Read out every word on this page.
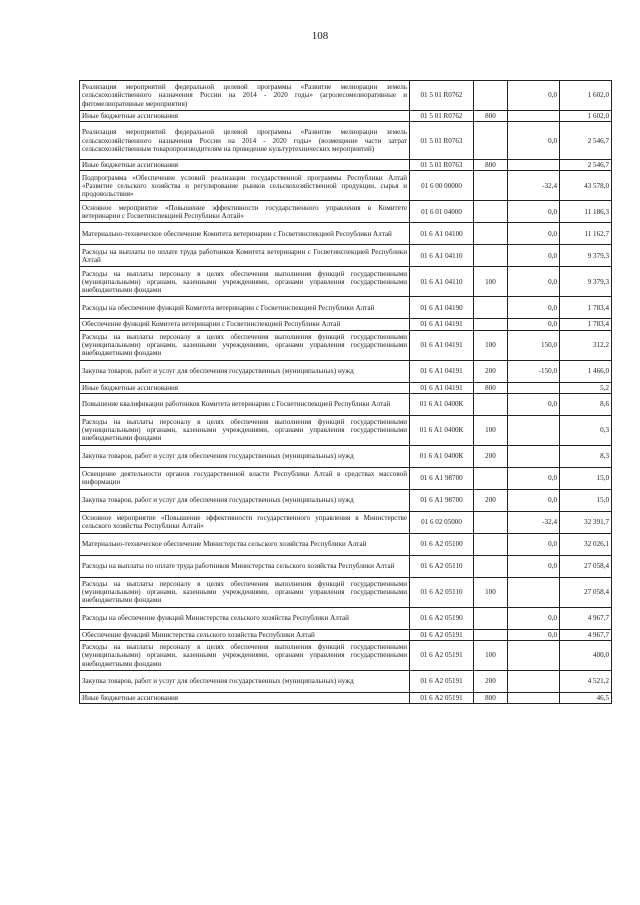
108
Реализация мероприятий федеральной целевой программы «Развитие мелиорации земель сельскохозяйственного назначения России на 2014 - 2020 годы» (агролесомелиоративные и фитомелиоративные мероприятия)	01 5 01 R0762		0,0	1 602,0
Иные бюджетные ассигнования	01 5 01 R0762	800		1 602,0
Реализация мероприятий федеральной целевой программы «Развитие мелиорации земель сельскохозяйственного назначения России на 2014 - 2020 годы» (возмещение части затрат сельскохозяйственным товаропроизводителям на проведение культуртехнических мероприятий)	01 5 01 R0763		0,0	2 546,7
Иные бюджетные ассигнования	01 5 01 R0763	800		2 546,7
Подпрограмма «Обеспечение условий реализации государственной программы Республики Алтай «Развитие сельского хозяйства и регулирование рынков сельскохозяйственной продукции, сырья и продовольствия»	01 6 00 00000		-32,4	43 578,0
Основное мероприятие «Повышение эффективности государственного управления в Комитете ветеринарии с Госветинспекцией Республики Алтай»	01 6 01 04000		0,0	11 186,3
Материально-техническое обеспечение Комитета ветеринарии с Госветинспекцией Республики Алтай	01 6 А1 04100		0,0	11 162,7
Расходы на выплаты по оплате труда работников Комитета ветеринарии с Госветинспекцией Республики Алтай	01 6 А1 04110		0,0	9 379,3
Расходы на выплаты персоналу в целях обеспечения выполнения функций государственными (муниципальными) органами, казенными учреждениями, органами управления государственными внебюджетными фондами	01 6 А1 04110	100	0,0	9 379,3
Расходы на обеспечение функций Комитета ветеринарии с Госветинспекцией Республики Алтай	01 6 А1 04190		0,0	1 783,4
Обеспечение функций Комитета ветеринарии с Госветинспекцией Республики Алтай	01 6 А1 04191		0,0	1 783,4
Расходы на выплаты персоналу в целях обеспечения выполнения функций государственными (муниципальными) органами, казенными учреждениями, органами управления государственными внебюджетными фондами	01 6 А1 04191	100	150,0	312,2
Закупка товаров, работ и услуг для обеспечения государственных (муниципальных) нужд	01 6 А1 04191	200	-150,0	1 466,0
Иные бюджетные ассигнования	01 6 А1 04191	800		5,2
Повышение квалификации работников Комитета ветеринарии с Госветинспекцией Республики Алтай	01 6 А1 0400К		0,0	8,6
Расходы на выплаты персоналу в целях обеспечения выполнения функций государственными (муниципальными) органами, казенными учреждениями, органами управления государственными внебюджетными фондами	01 6 А1 0400К	100		0,3
Закупка товаров, работ и услуг для обеспечения государственных (муниципальных) нужд	01 6 А1 0400К	200		8,3
Освещение деятельности органов государственной власти Республики Алтай в средствах массовой информации	01 6 А1 98700		0,0	15,0
Закупка товаров, работ и услуг для обеспечения государственных (муниципальных) нужд	01 6 А1 98700	200	0,0	15,0
Основное мероприятие «Повышение эффективности государственного управления в Министерстве сельского хозяйства Республики Алтай»	01 6 02 05000		-32,4	32 391,7
Материально-техническое обеспечение Министерства сельского хозяйства Республики Алтай	01 6 А2 05100		0,0	32 026,1
Расходы на выплаты по оплате труда работников Министерства сельского хозяйства Республики Алтай	01 6 А2 05110		0,0	27 058,4
Расходы на выплаты персоналу в целях обеспечения выполнения функций государственными (муниципальными) органами, казенными учреждениями, органами управления государственными внебюджетными фондами	01 6 А2 05110	100		27 058,4
Расходы на обеспечение функций Министерства сельского хозяйства Республики Алтай	01 6 А2 05190		0,0	4 967,7
Обеспечение функций Министерства сельского хозяйства Республики Алтай	01 6 А2 05191		0,0	4 967,7
Расходы на выплаты персоналу в целях обеспечения выполнения функций государственными (муниципальными) органами, казенными учреждениями, органами управления государственными внебюджетными фондами	01 6 А2 05191	100		400,0
Закупка товаров, работ и услуг для обеспечения государственных (муниципальных) нужд	01 6 А2 05191	200		4 521,2
Иные бюджетные ассигнования	01 6 А2 05191	800		46,5
